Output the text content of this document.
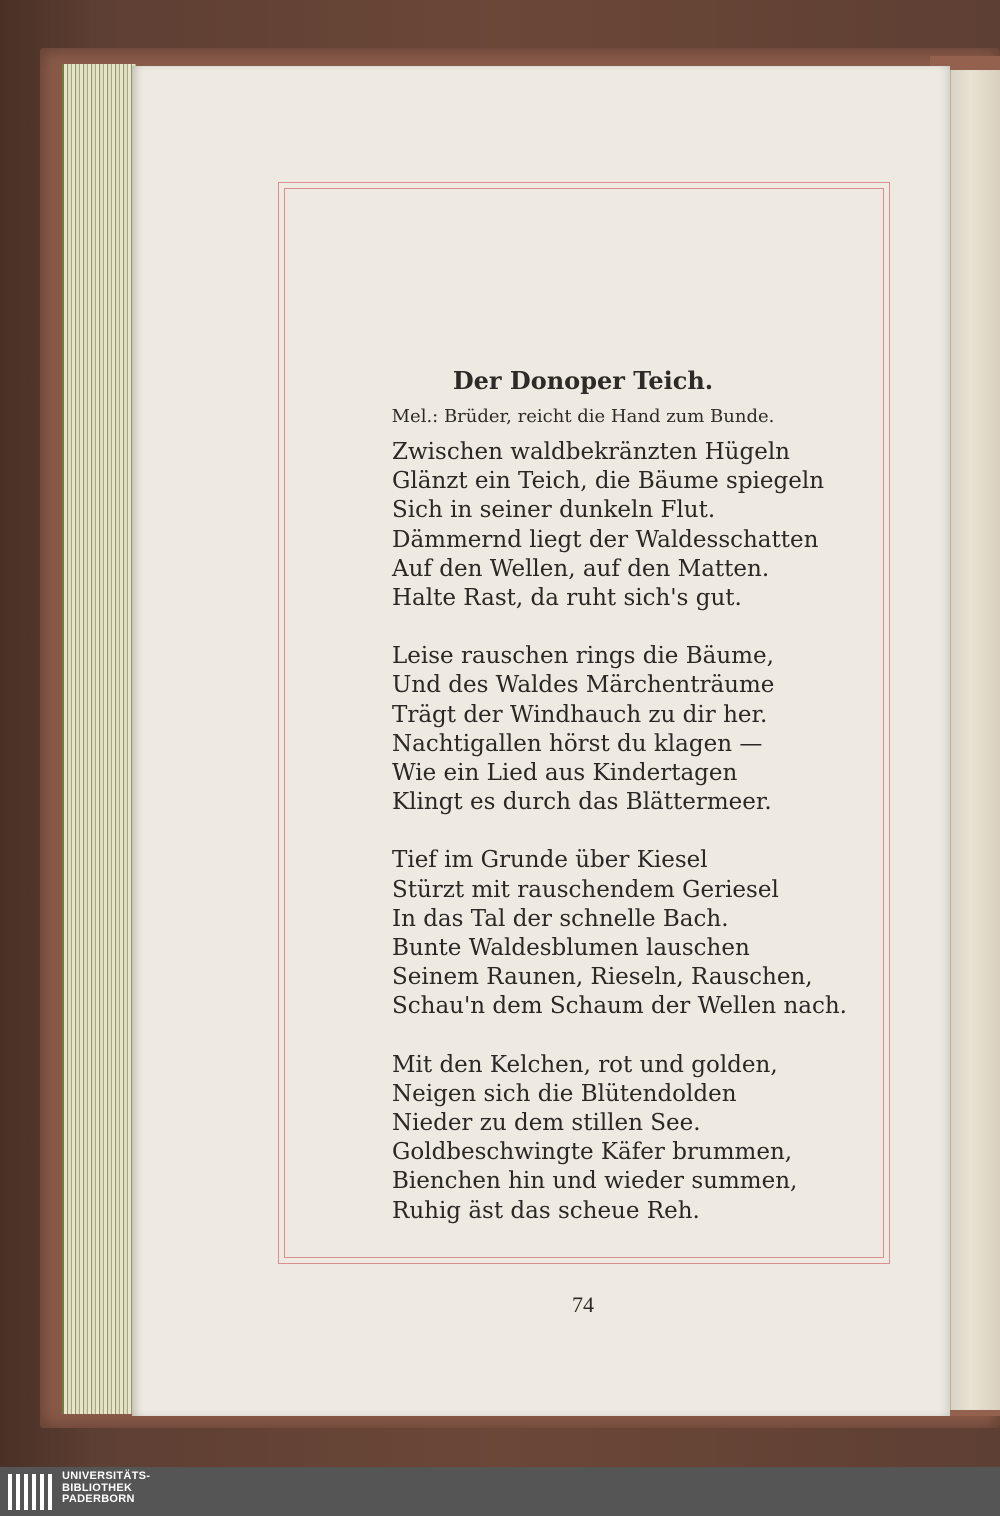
Der Donoper Teich.
Mel.: Brüder, reicht die Hand zum Bunde.
Zwischen waldbekränzten Hügeln
Glänzt ein Teich, die Bäume spiegeln
Sich in seiner dunkeln Flut.
Dämmernd liegt der Waldesschatten
Auf den Wellen, auf den Matten.
Halte Rast, da ruht sich's gut.
Leise rauschen rings die Bäume,
Und des Waldes Märchenträume
Trägt der Windhauch zu dir her.
Nachtigallen hörst du klagen —
Wie ein Lied aus Kindertagen
Klingt es durch das Blättermeer.
Tief im Grunde über Kiesel
Stürzt mit rauschendem Geriesel
In das Tal der schnelle Bach.
Bunte Waldesblumen lauschen
Seinem Raunen, Rieseln, Rauschen,
Schau'n dem Schaum der Wellen nach.
Mit den Kelchen, rot und golden,
Neigen sich die Blütendolden
Nieder zu dem stillen See.
Goldbeschwingte Käfer brummen,
Bienchen hin und wieder summen,
Ruhig äst das scheue Reh.
74
UNIVERSITÄTS-
BIBLIOTHEK
PADERBORN
